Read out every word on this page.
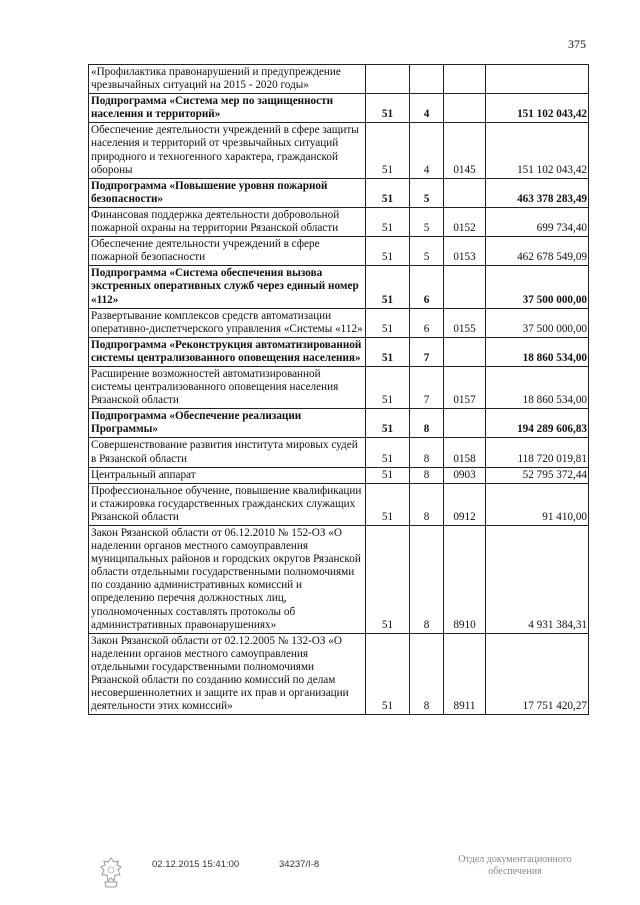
375
«Профилактика правонарушений и предупреждение чрезвычайных ситуаций на 2015 - 2020 годы»				
Подпрограмма «Система мер по защищенности населения и территорий»	51	4		151 102 043,42
Обеспечение деятельности учреждений в сфере защиты населения и территорий от чрезвычайных ситуаций природного и техногенного характера, гражданской обороны	51	4	0145	151 102 043,42
Подпрограмма «Повышение уровня пожарной безопасности»	51	5		463 378 283,49
Финансовая поддержка деятельности добровольной пожарной охраны на территории Рязанской области	51	5	0152	699 734,40
Обеспечение деятельности учреждений в сфере пожарной безопасности	51	5	0153	462 678 549,09
Подпрограмма «Система обеспечения вызова экстренных оперативных служб через единый номер «112»	51	6		37 500 000,00
Развертывание комплексов средств автоматизации оперативно-диспетчерского управления «Системы «112»	51	6	0155	37 500 000,00
Подпрограмма «Реконструкция автоматизированной системы централизованного оповещения населения»	51	7		18 860 534,00
Расширение возможностей автоматизированной системы централизованного оповещения населения Рязанской области	51	7	0157	18 860 534,00
Подпрограмма «Обеспечение реализации Программы»	51	8		194 289 606,83
Совершенствование развития института мировых судей в Рязанской области	51	8	0158	118 720 019,81
Центральный аппарат	51	8	0903	52 795 372,44
Профессиональное обучение, повышение квалификации и стажировка государственных гражданских служащих Рязанской области	51	8	0912	91 410,00
Закон Рязанской области от 06.12.2010 № 152-ОЗ «О наделении органов местного самоуправления муниципальных районов и городских округов Рязанской области отдельными государственными полномочиями по созданию административных комиссий и определению перечня должностных лиц, уполномоченных составлять протоколы об административных правонарушениях»	51	8	8910	4 931 384,31
Закон Рязанской области от 02.12.2005 № 132-ОЗ «О наделении органов местного самоуправления отдельными государственными полномочиями Рязанской области по созданию комиссий по делам несовершеннолетних и защите их прав и организации деятельности этих комиссий»	51	8	8911	17 751 420,27
02.12.2015 15:41:00	34237/I-8	Отдел документационного
обеспечения
